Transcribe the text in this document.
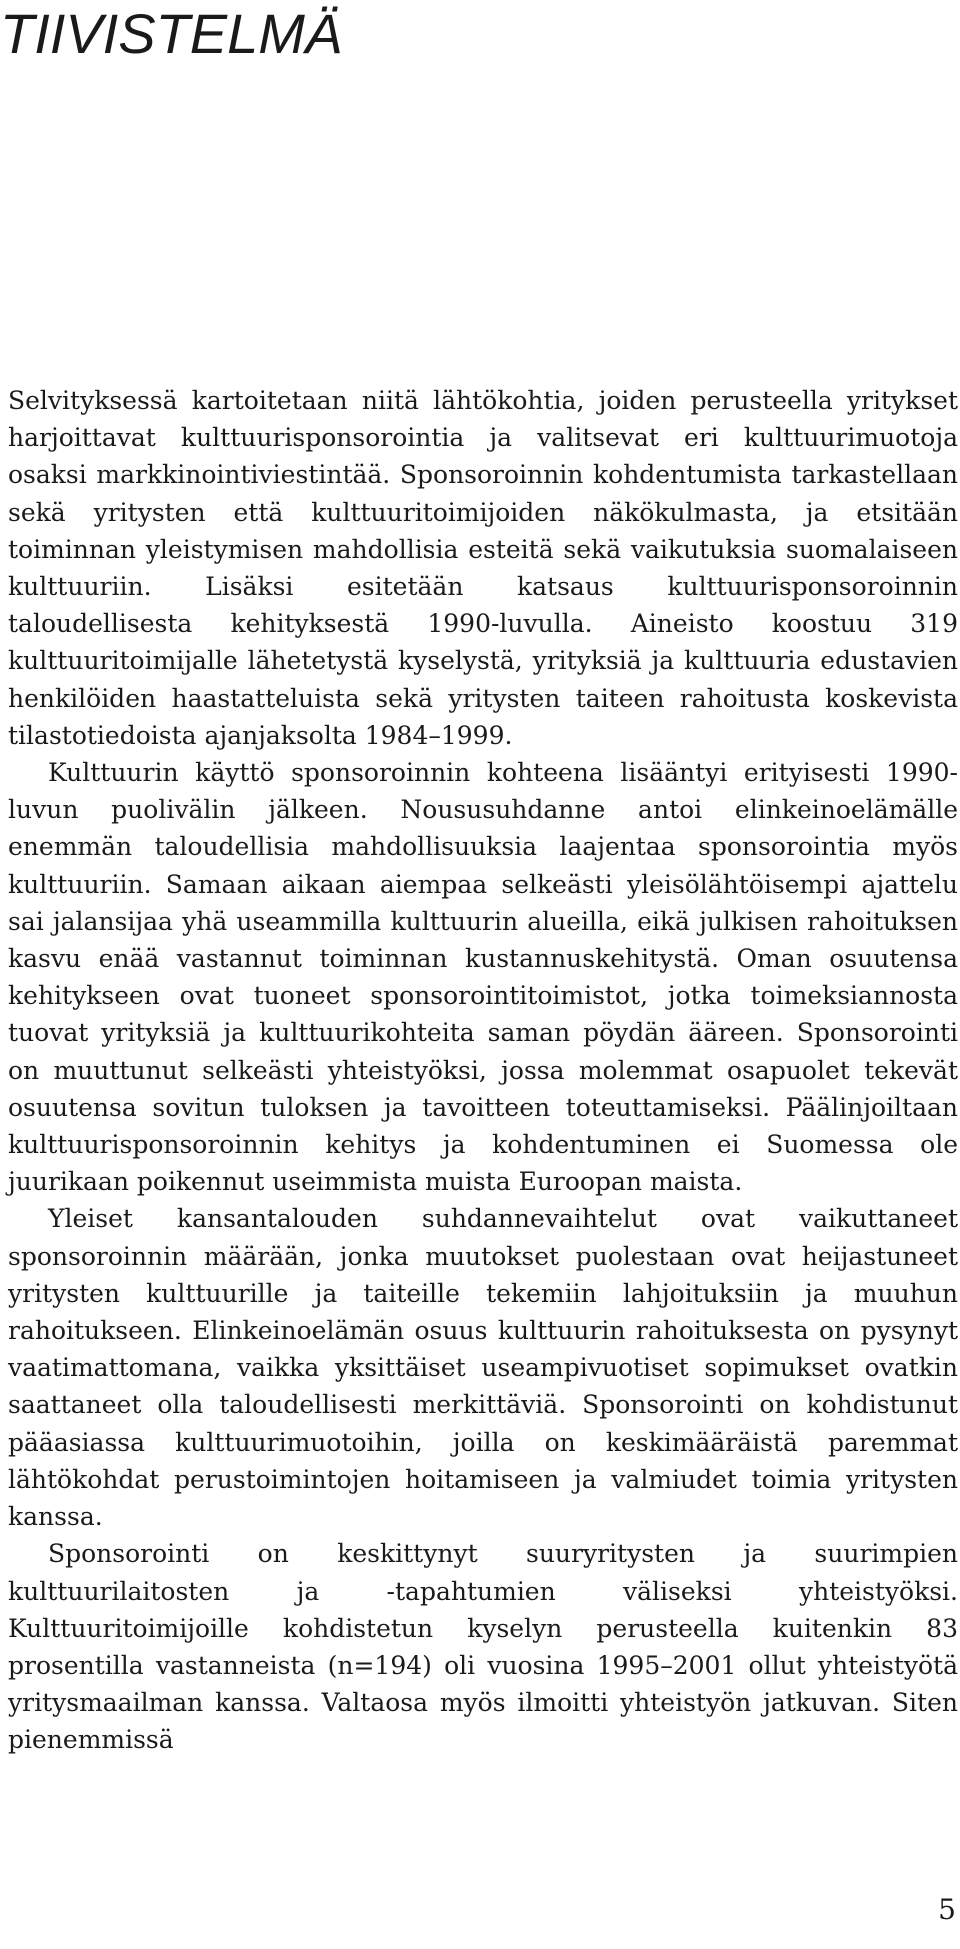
TIIVISTELMÄ

Selvityksessä kartoitetaan niitä lähtökohtia, joiden perusteella yritykset harjoittavat kulttuurisponsorointia ja valitsevat eri kulttuurimuotoja osaksi markkinointiviestintää. Sponsoroinnin kohdentumista tarkastellaan sekä yritysten että kulttuuritoimijoiden näkökulmasta, ja etsitään toiminnan yleistymisen mahdollisia esteitä sekä vaikutuksia suomalaiseen kulttuuriin. Lisäksi esitetään katsaus kulttuurisponsoroinnin taloudellisesta kehityksestä 1990-luvulla. Aineisto koostuu 319 kulttuuritoimijalle lähetetystä kyselystä, yrityksiä ja kulttuuria edustavien henkilöiden haastatteluista sekä yritysten taiteen rahoitusta koskevista tilastotiedoista ajanjaksolta 1984–1999.

Kulttuurin käyttö sponsoroinnin kohteena lisääntyi erityisesti 1990-luvun puolivälin jälkeen. Noususuhdanne antoi elinkeinoelämälle enemmän taloudellisia mahdollisuuksia laajentaa sponsorointia myös kulttuuriin. Samaan aikaan aiempaa selkeästi yleisölähtöisempi ajattelu sai jalansijaa yhä useammilla kulttuurin alueilla, eikä julkisen rahoituksen kasvu enää vastannut toiminnan kustannuskehitystä. Oman osuutensa kehitykseen ovat tuoneet sponsorointitoimistot, jotka toimeksiannosta tuovat yrityksiä ja kulttuurikohteita saman pöydän ääreen. Sponsorointi on muuttunut selkeästi yhteistyöksi, jossa molemmat osapuolet tekevät osuutensa sovitun tuloksen ja tavoitteen toteuttamiseksi. Päälinjoiltaan kulttuurisponsoroinnin kehitys ja kohdentuminen ei Suomessa ole juurikaan poikennut useimmista muista Euroopan maista.

Yleiset kansantalouden suhdannevaihtelut ovat vaikuttaneet sponsoroinnin määrään, jonka muutokset puolestaan ovat heijastuneet yritysten kulttuurille ja taiteille tekemiin lahjoituksiin ja muuhun rahoitukseen. Elinkeinoelämän osuus kulttuurin rahoituksesta on pysynyt vaatimattomana, vaikka yksittäiset useampivuotiset sopimukset ovatkin saattaneet olla taloudellisesti merkittäviä. Sponsorointi on kohdistunut pääasiassa kulttuurimuotoihin, joilla on keskimääräistä paremmat lähtökohdat perustoimintojen hoitamiseen ja valmiudet toimia yritysten kanssa.

Sponsorointi on keskittynyt suuryritysten ja suurimpien kulttuurilaitosten ja -tapahtumien väliseksi yhteistyöksi. Kulttuuritoimijoille kohdistetun kyselyn perusteella kuitenkin 83 prosentilla vastanneista (n=194) oli vuosina 1995–2001 ollut yhteistyötä yritysmaailman kanssa. Valtaosa myös ilmoitti yhteistyön jatkuvan. Siten pienemmissä

5
